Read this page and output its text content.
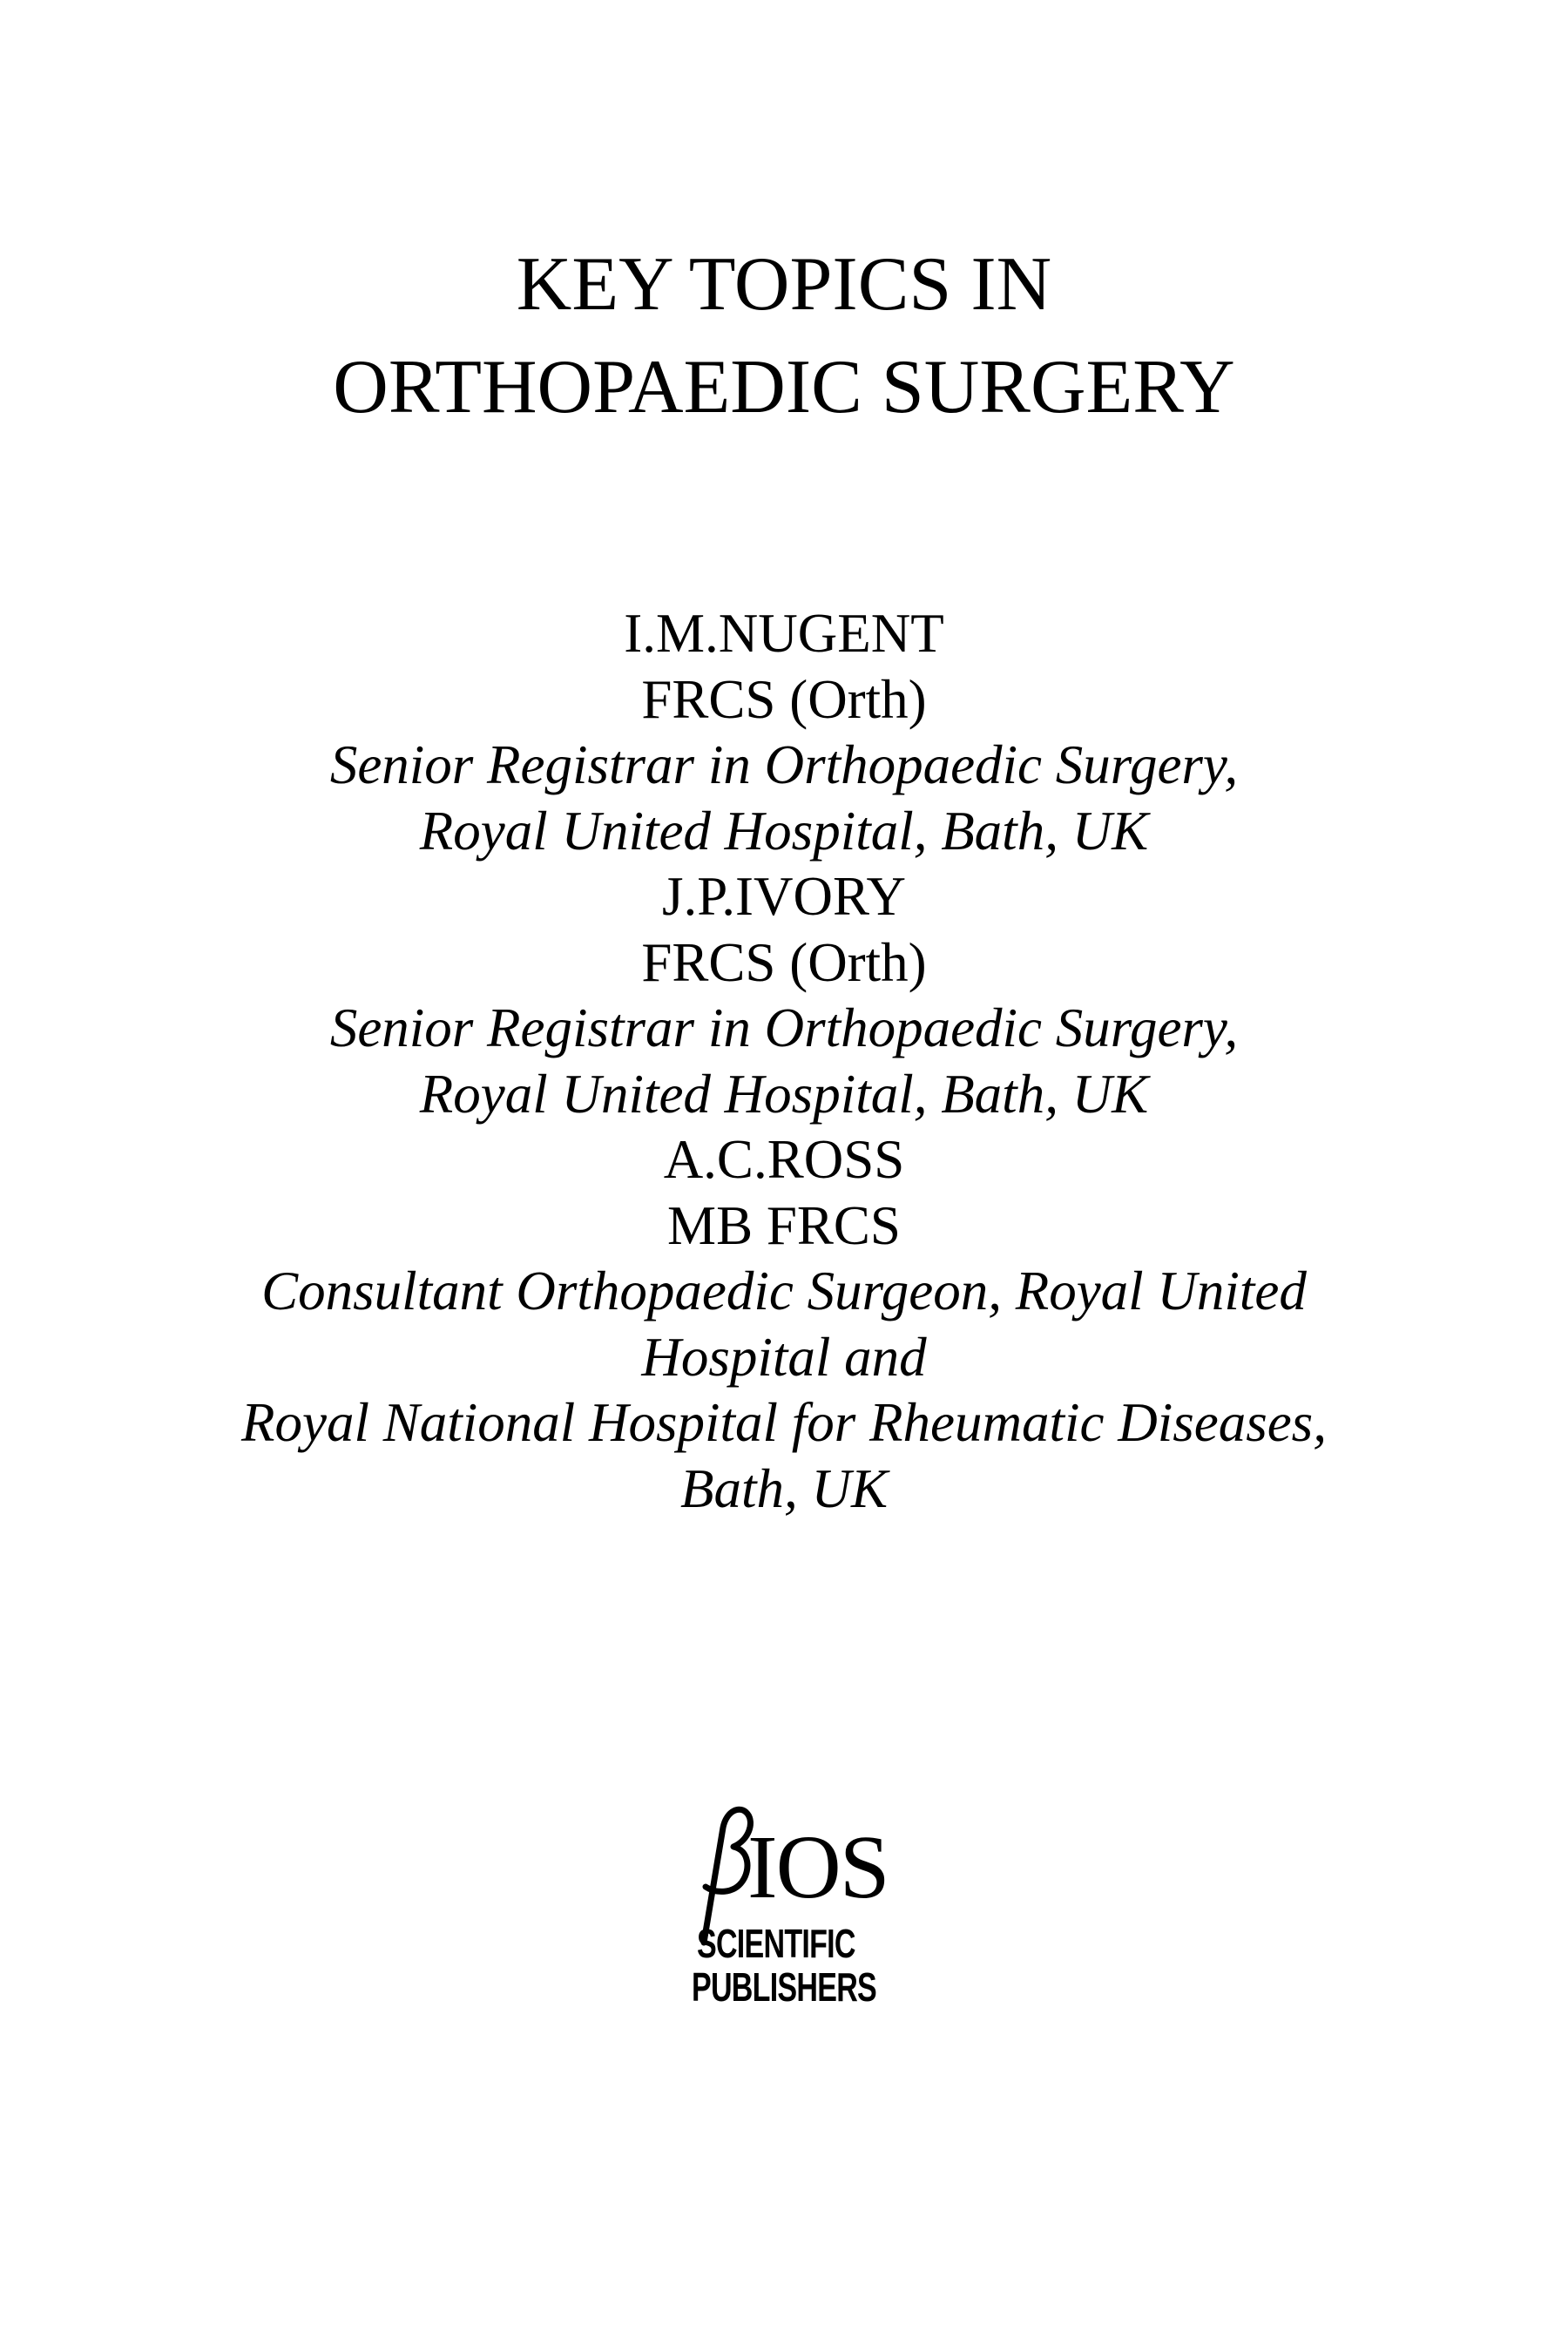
KEY TOPICS IN
ORTHOPAEDIC SURGERY
I.M.NUGENT
FRCS (Orth)
Senior Registrar in Orthopaedic Surgery,
Royal United Hospital, Bath, UK
J.P.IVORY
FRCS (Orth)
Senior Registrar in Orthopaedic Surgery,
Royal United Hospital, Bath, UK
A.C.ROSS
MB FRCS
Consultant Orthopaedic Surgeon, Royal United
Hospital and
Royal National Hospital for Rheumatic Diseases,
Bath, UK
IOS
SCIENTIFIC
PUBLISHERS
